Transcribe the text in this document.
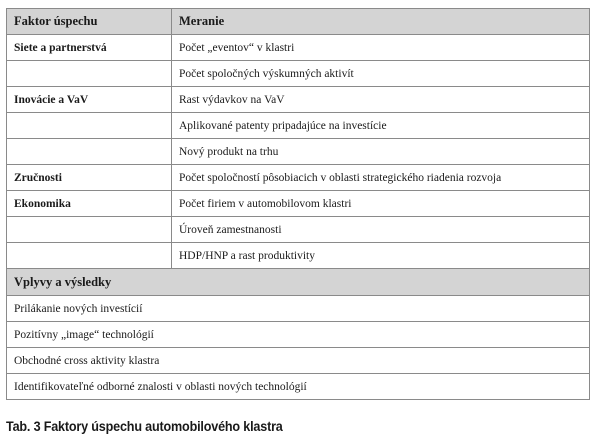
Faktor úspechu	Meranie
Siete a partnerstvá	Počet „eventov“ v klastri
	Počet spoločných výskumných aktivít
Inovácie a VaV	Rast výdavkov na VaV
	Aplikované patenty pripadajúce na investície
	Nový produkt na trhu
Zručnosti	Počet spoločností pôsobiacich v oblasti strategického riadenia rozvoja
Ekonomika	Počet firiem v automobilovom klastri
	Úroveň zamestnanosti
	HDP/HNP a rast produktivity
Vplyvy a výsledky	
Prilákanie nových investícií	
Pozitívny „image“ technológií	
Obchodné cross aktivity klastra	
Identifikovateľné odborné znalosti v oblasti nových technológií	
Tab. 3 Faktory úspechu automobilového klastra
